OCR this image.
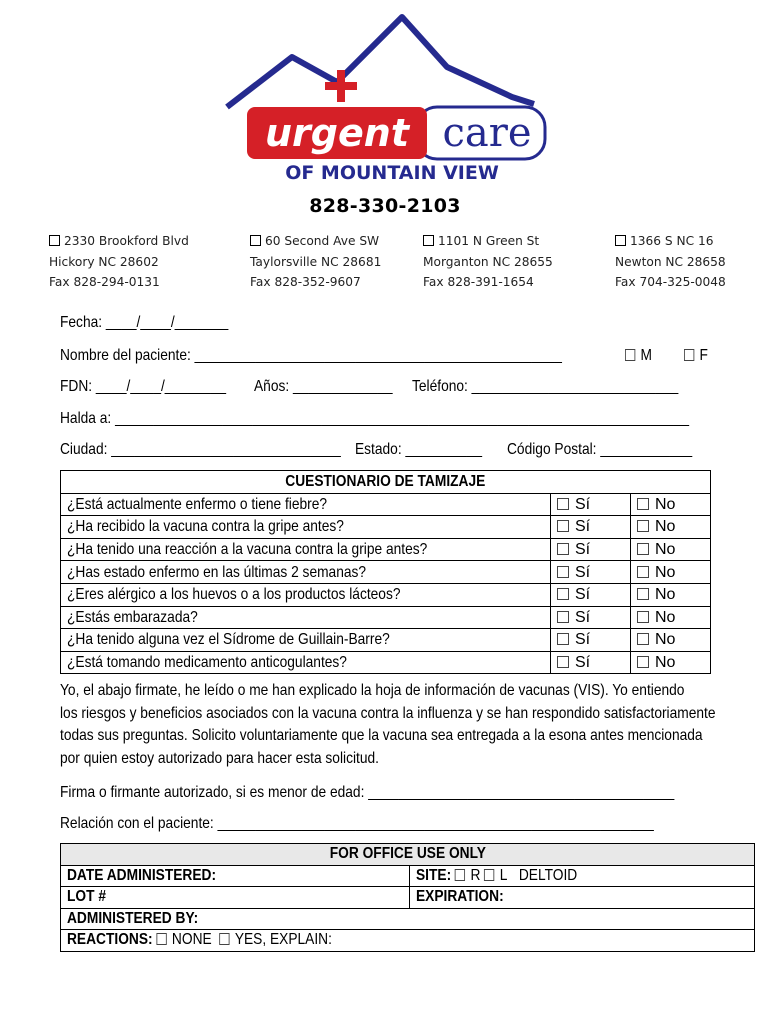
urgent care
OF MOUNTAIN VIEW
828-330-2103
2330 Brookford Blvd
Hickory NC 28602
Fax 828-294-0131
60 Second Ave SW
Taylorsville NC 28681
Fax 828-352-9607
1101 N Green St
Morganton NC 28655
Fax 828-391-1654
1366 S NC 16
Newton NC 28658
Fax 704-325-0048
Fecha: ____/____/_______
Nombre del paciente: ________________________________________________	M	F
FDN: ____/____/________ Años: _____________ Teléfono: ___________________________
Halda a: ___________________________________________________________________________
Ciudad: ______________________________ Estado: __________ Código Postal: ____________
CUESTIONARIO DE TAMIZAJE		
¿Está actualmente enfermo o tiene fiebre?	Sí	No
¿Ha recibido la vacuna contra la gripe antes?	Sí	No
¿Ha tenido una reacción a la vacuna contra la gripe antes?	Sí	No
¿Has estado enfermo en las últimas 2 semanas?	Sí	No
¿Eres alérgico a los huevos o a los productos lácteos?	Sí	No
¿Estás embarazada?	Sí	No
¿Ha tenido alguna vez el Sídrome de Guillain-Barre?	Sí	No
¿Está tomando medicamento anticogulantes?	Sí	No
Yo, el abajo firmate, he leído o me han explicado la hoja de información de vacunas (VIS). Yo entiendo
los riesgos y beneficios asociados con la vacuna contra la influenza y se han respondido satisfactoriamente
todas sus preguntas. Solicito voluntariamente que la vacuna sea entregada a la esona antes mencionada
por quien estoy autorizado para hacer esta solicitud.
Firma o firmante autorizado, si es menor de edad: ________________________________________
Relación con el paciente: _________________________________________________________
FOR OFFICE USE ONLY	
DATE ADMINISTERED:	SITE: R L DELTOID
LOT #	EXPIRATION:
ADMINISTERED BY:	
REACTIONS: NONE YES, EXPLAIN:	
